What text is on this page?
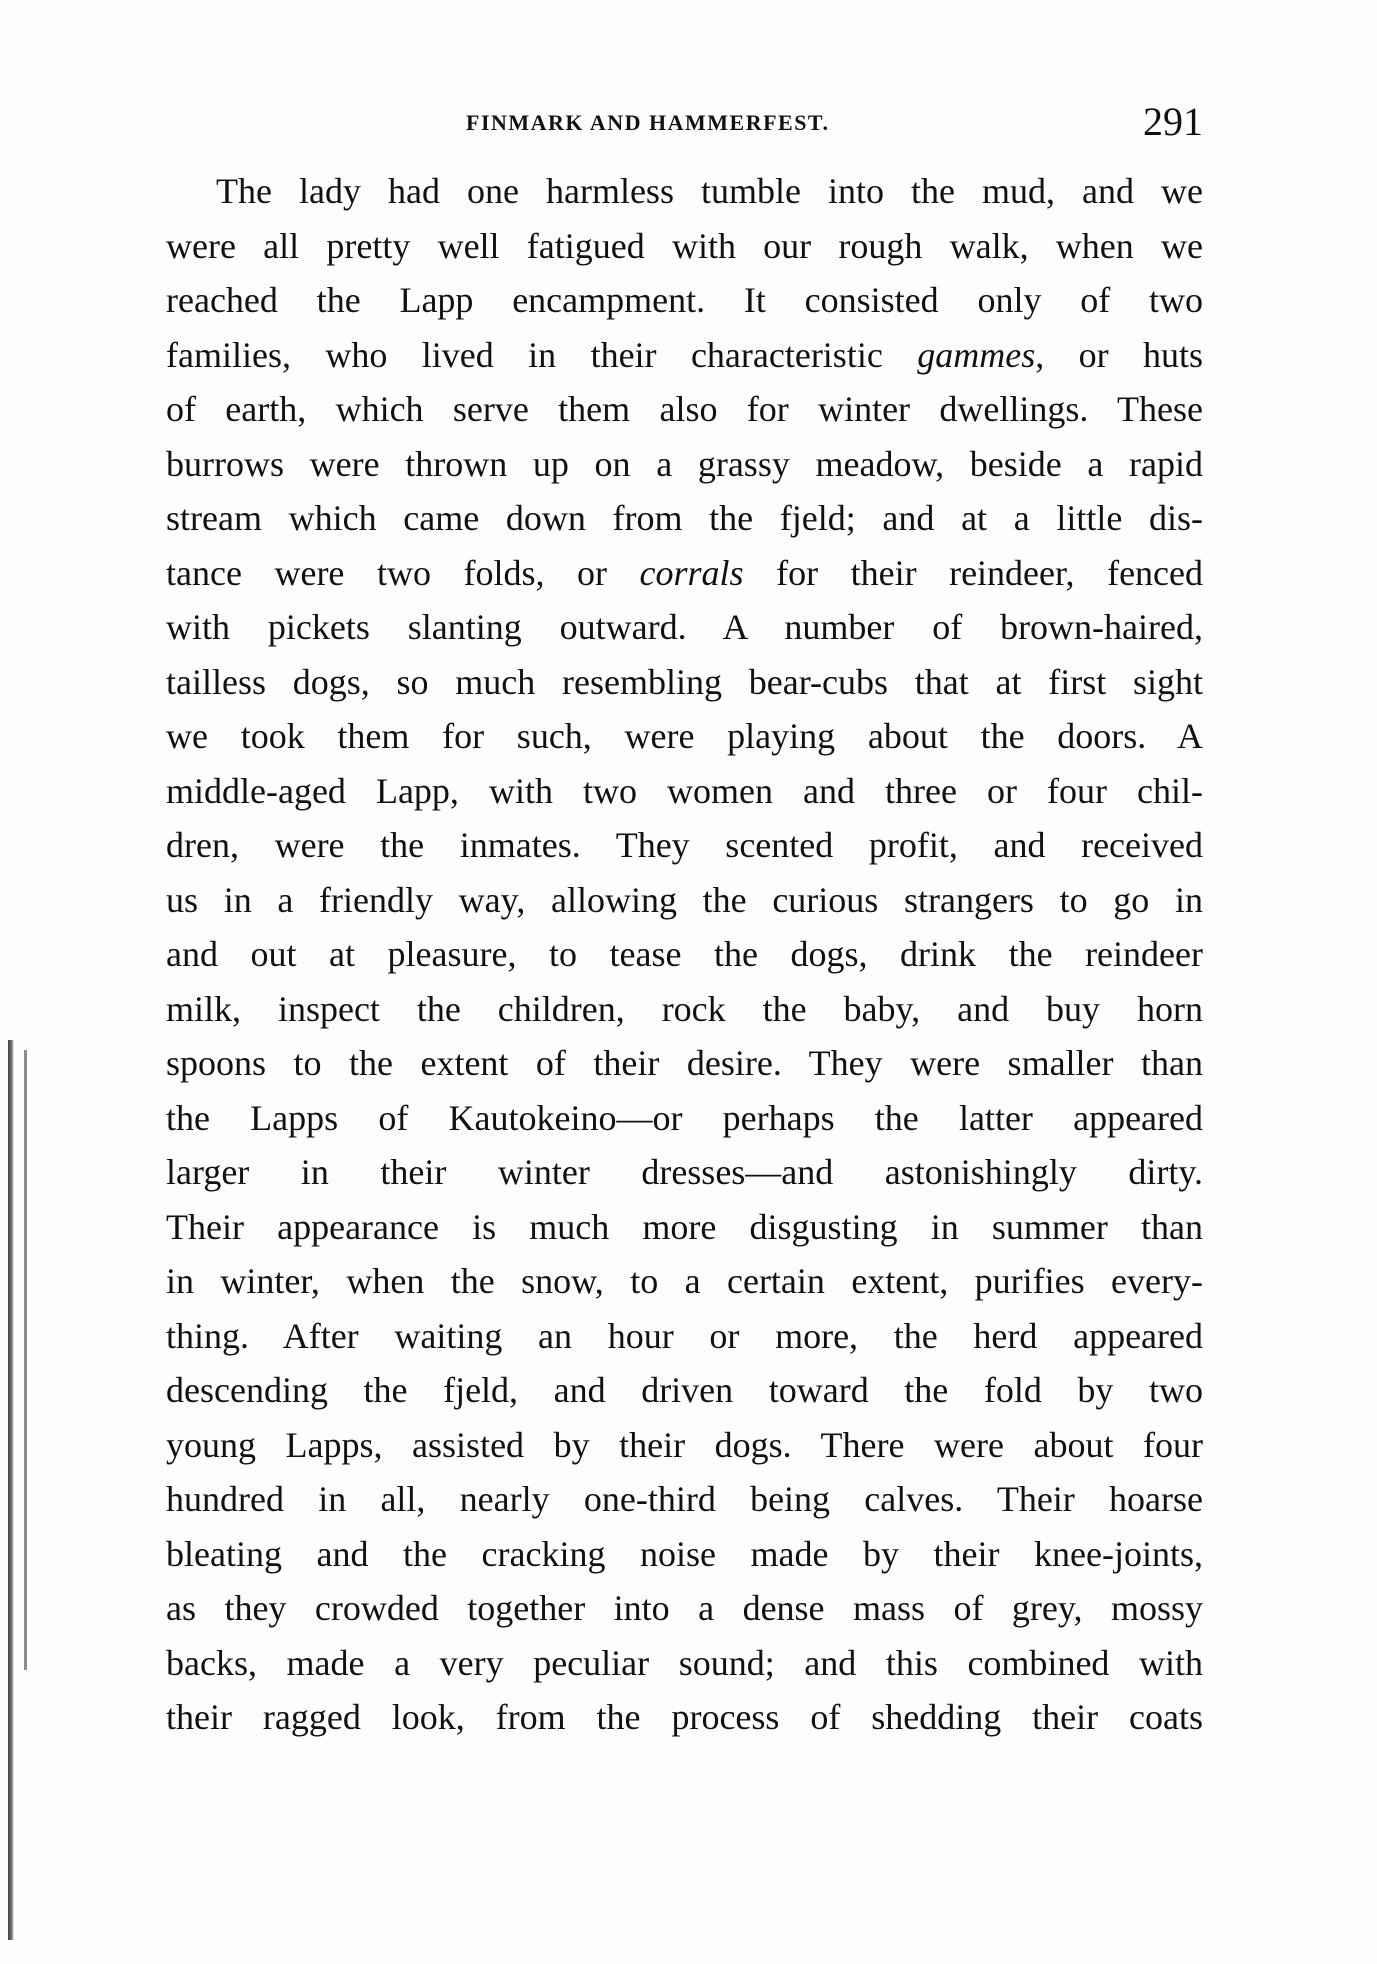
FINMARK AND HAMMERFEST.	291
The lady had one harmless tumble into the mud, and we
were all pretty well fatigued with our rough walk, when we
reached the Lapp encampment. It consisted only of two
families, who lived in their characteristic gammes, or huts
of earth, which serve them also for winter dwellings. These
burrows were thrown up on a grassy meadow, beside a rapid
stream which came down from the fjeld; and at a little dis-
tance were two folds, or corrals for their reindeer, fenced
with pickets slanting outward. A number of brown-haired,
tailless dogs, so much resembling bear-cubs that at first sight
we took them for such, were playing about the doors. A
middle-aged Lapp, with two women and three or four chil-
dren, were the inmates. They scented profit, and received
us in a friendly way, allowing the curious strangers to go in
and out at pleasure, to tease the dogs, drink the reindeer
milk, inspect the children, rock the baby, and buy horn
spoons to the extent of their desire. They were smaller than
the Lapps of Kautokeino—or perhaps the latter appeared
larger in their winter dresses—and astonishingly dirty.
Their appearance is much more disgusting in summer than
in winter, when the snow, to a certain extent, purifies every-
thing. After waiting an hour or more, the herd appeared
descending the fjeld, and driven toward the fold by two
young Lapps, assisted by their dogs. There were about four
hundred in all, nearly one-third being calves. Their hoarse
bleating and the cracking noise made by their knee-joints,
as they crowded together into a dense mass of grey, mossy
backs, made a very peculiar sound; and this combined with
their ragged look, from the process of shedding their coats
